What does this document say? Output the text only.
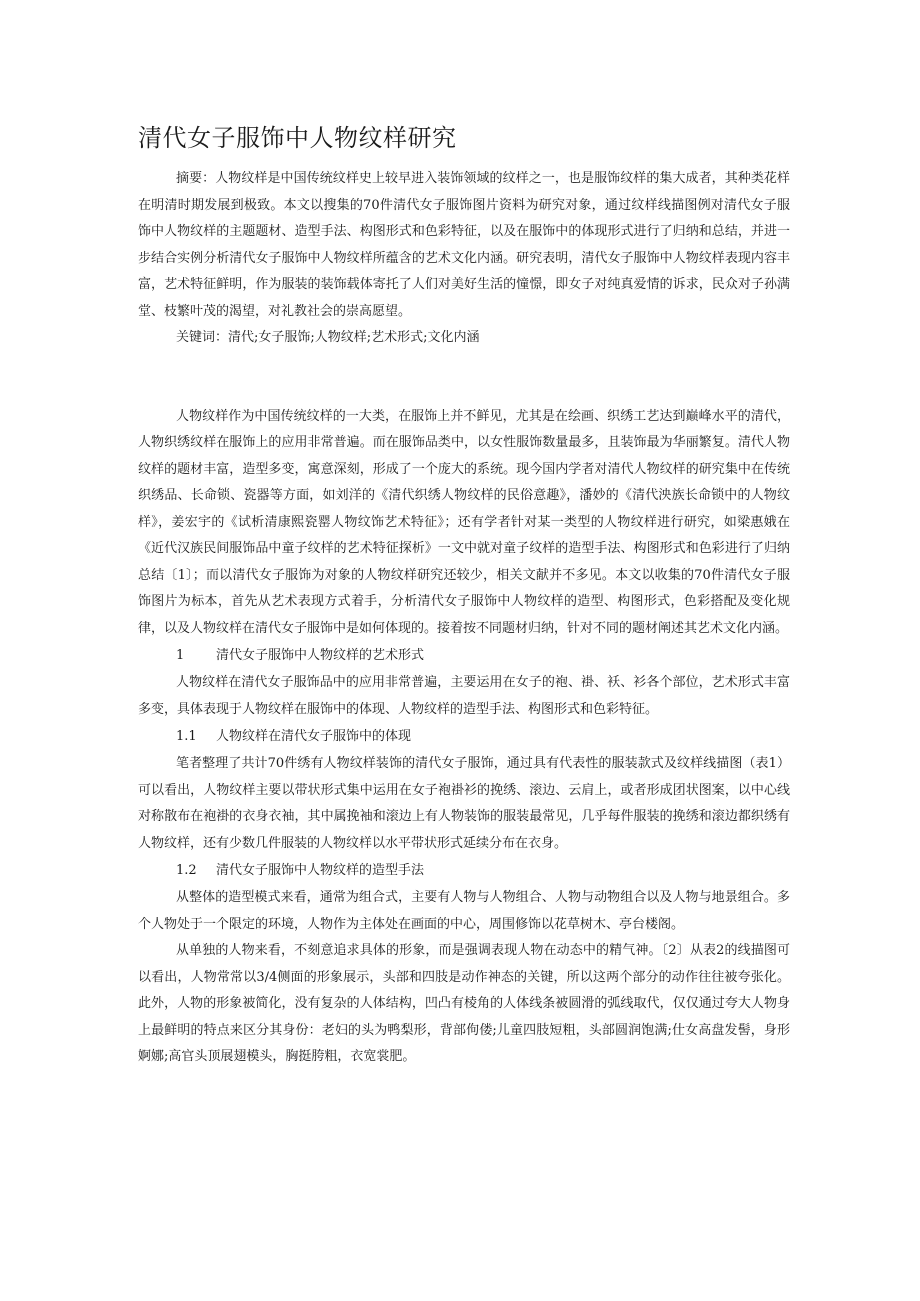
清代女子服饰中人物纹样研究

摘要：人物纹样是中国传统纹样史上较早进入装饰领域的纹样之一，也是服饰纹样的集大成者，其种类花样在明清时期发展到极致。本文以搜集的70件清代女子服饰图片资料为研究对象，通过纹样线描图例对清代女子服饰中人物纹样的主题题材、造型手法、构图形式和色彩特征，以及在服饰中的体现形式进行了归纳和总结，并进一步结合实例分析清代女子服饰中人物纹样所蕴含的艺术文化内涵。研究表明，清代女子服饰中人物纹样表现内容丰富，艺术特征鲜明，作为服装的装饰载体寄托了人们对美好生活的憧憬，即女子对纯真爱情的诉求，民众对子孙满堂、枝繁叶茂的渴望，对礼教社会的崇高愿望。

关键词：清代;女子服饰;人物纹样;艺术形式;文化内涵

人物纹样作为中国传统纹样的一大类，在服饰上并不鲜见，尤其是在绘画、织绣工艺达到巅峰水平的清代，人物织绣纹样在服饰上的应用非常普遍。而在服饰品类中，以女性服饰数量最多，且装饰最为华丽繁复。清代人物纹样的题材丰富，造型多变，寓意深刻，形成了一个庞大的系统。现今国内学者对清代人物纹样的研究集中在传统织绣品、长命锁、瓷器等方面，如刘洋的《清代织绣人物纹样的民俗意趣》，潘妙的《清代泱族长命锁中的人物纹样》，姜宏宇的《试析清康熙瓷罂人物纹饰艺术特征》；还有学者针对某一类型的人物纹样进行研究，如梁惠娥在《近代汉族民间服饰品中童子纹样的艺术特征探析》一文中就对童子纹样的造型手法、构图形式和色彩进行了归纳总结〔1〕；而以清代女子服饰为对象的人物纹样研究还较少，相关文献并不多见。本文以收集的70件清代女子服饰图片为标本，首先从艺术表现方式着手，分析清代女子服饰中人物纹样的造型、构图形式，色彩搭配及变化规律，以及人物纹样在清代女子服饰中是如何体现的。接着按不同题材归纳，针对不同的题材阐述其艺术文化内涵。

1 清代女子服饰中人物纹样的艺术形式

人物纹样在清代女子服饰品中的应用非常普遍，主要运用在女子的袍、褂、袄、衫各个部位，艺术形式丰富多变，具体表现于人物纹样在服饰中的体现、人物纹样的造型手法、构图形式和色彩特征。

1.1 人物纹样在清代女子服饰中的体现

笔者整理了共计70件绣有人物纹样装饰的清代女子服饰，通过具有代表性的服装款式及纹样线描图（表1）可以看出，人物纹样主要以带状形式集中运用在女子袍褂衫的挽绣、滚边、云肩上，或者形成团状图案，以中心线对称散布在袍褂的衣身衣袖，其中属挽袖和滚边上有人物装饰的服装最常见，几乎每件服装的挽绣和滚边都织绣有人物纹样，还有少数几件服装的人物纹样以水平带状形式延续分布在衣身。

1.2 清代女子服饰中人物纹样的造型手法

从整体的造型模式来看，通常为组合式，主要有人物与人物组合、人物与动物组合以及人物与地景组合。多个人物处于一个限定的环境，人物作为主体处在画面的中心，周围修饰以花草树木、亭台楼阁。

从单独的人物来看，不刻意追求具体的形象，而是强调表现人物在动态中的精气神。〔2〕从表2的线描图可以看出，人物常常以3/4侧面的形象展示，头部和四肢是动作神态的关键，所以这两个部分的动作往往被夸张化。此外，人物的形象被简化，没有复杂的人体结构，凹凸有棱角的人体线条被圆滑的弧线取代，仅仅通过夸大人物身上最鲜明的特点来区分其身份：老妇的头为鸭梨形，背部佝偻;儿童四肢短粗，头部圆润饱满;仕女高盘发髻，身形婀娜;高官头顶展翅模头，胸挺胯粗，衣宽裳肥。
